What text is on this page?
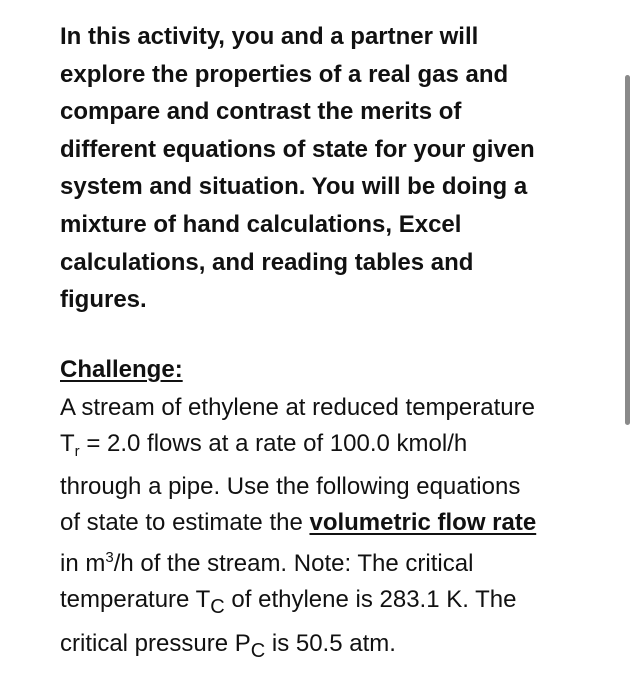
In this activity, you and a partner will
explore the properties of a real gas and
compare and contrast the merits of
different equations of state for your given
system and situation. You will be doing a
mixture of hand calculations, Excel
calculations, and reading tables and
figures.
Challenge:
A stream of ethylene at reduced temperature
$T_r = 2.0$ flows at a rate of 100.0 kmol/h
through a pipe. Use the following equations
of state to estimate the volumetric flow rate
in $m^3/h$ of the stream. Note: The critical
temperature $T_C$ of ethylene is 283.1 K. The
critical pressure $P_C$ is 50.5 atm.
